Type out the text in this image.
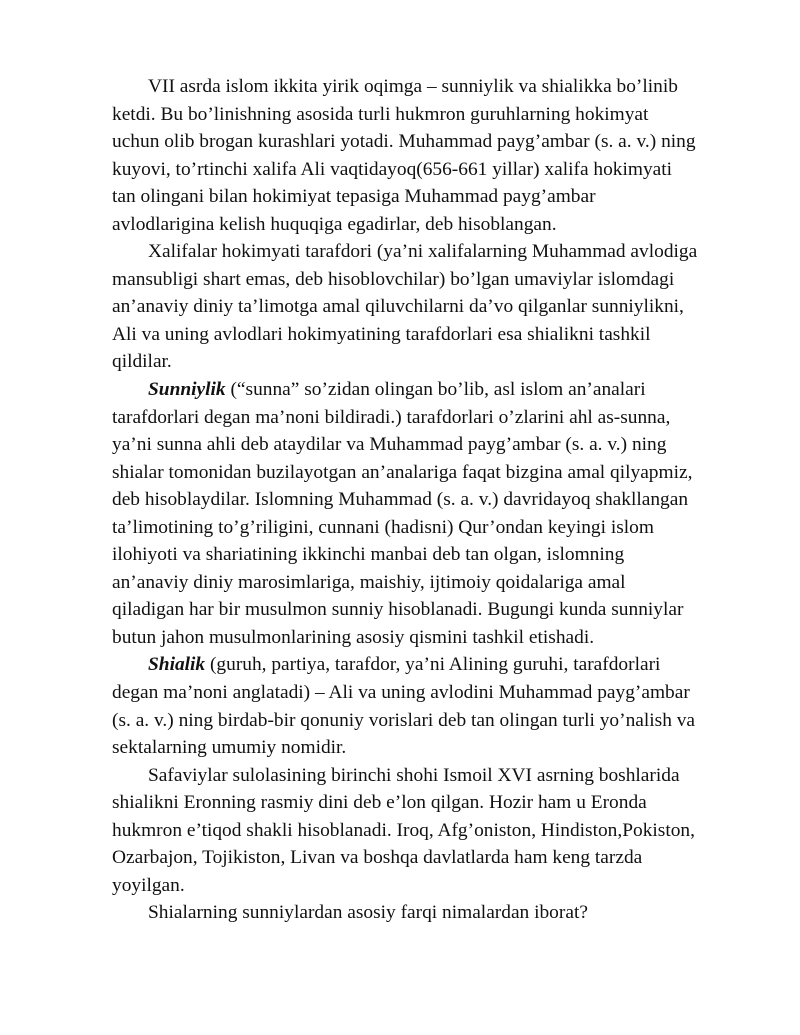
VII asrda islom ikkita yirik oqimga – sunniylik va shialikka bo’linib
ketdi. Bu bo’linishning asosida turli hukmron guruhlarning hokimyat
uchun olib brogan kurashlari yotadi. Muhammad payg’ambar (s. a. v.) ning
kuyovi, to’rtinchi xalifa Ali vaqtidayoq(656-661 yillar) xalifa hokimyati
tan olingani bilan hokimiyat tepasiga Muhammad payg’ambar
avlodlarigina kelish huquqiga egadirlar, deb hisoblangan.
Xalifalar hokimyati tarafdori (ya’ni xalifalarning Muhammad avlodiga
mansubligi shart emas, deb hisoblovchilar) bo’lgan umaviylar islomdagi
an’anaviy diniy ta’limotga amal qiluvchilarni da’vo qilganlar sunniylikni,
Ali va uning avlodlari hokimyatining tarafdorlari esa shialikni tashkil
qildilar.
Sunniylik (“sunna” so’zidan olingan bo’lib, asl islom an’analari
tarafdorlari degan ma’noni bildiradi.) tarafdorlari o’zlarini ahl as-sunna,
ya’ni sunna ahli deb ataydilar va Muhammad payg’ambar (s. a. v.) ning
shialar tomonidan buzilayotgan an’analariga faqat bizgina amal qilyapmiz,
deb hisoblaydilar. Islomning Muhammad (s. a. v.) davridayoq shakllangan
ta’limotining to’g’riligini, cunnani (hadisni) Qur’ondan keyingi islom
ilohiyoti va shariatining ikkinchi manbai deb tan olgan, islomning
an’anaviy diniy marosimlariga, maishiy, ijtimoiy qoidalariga amal
qiladigan har bir musulmon sunniy hisoblanadi. Bugungi kunda sunniylar
butun jahon musulmonlarining asosiy qismini tashkil etishadi.
Shialik (guruh, partiya, tarafdor, ya’ni Alining guruhi, tarafdorlari
degan ma’noni anglatadi) – Ali va uning avlodini Muhammad payg’ambar
(s. a. v.) ning birdab-bir qonuniy vorislari deb tan olingan turli yo’nalish va
sektalarning umumiy nomidir.
Safaviylar sulolasining birinchi shohi Ismoil XVI asrning boshlarida
shialikni Eronning rasmiy dini deb e’lon qilgan. Hozir ham u Eronda
hukmron e’tiqod shakli hisoblanadi. Iroq, Afg’oniston, Hindiston,Pokiston,
Ozarbajon, Tojikiston, Livan va boshqa davlatlarda ham keng tarzda
yoyilgan.
Shialarning sunniylardan asosiy farqi nimalardan iborat?
